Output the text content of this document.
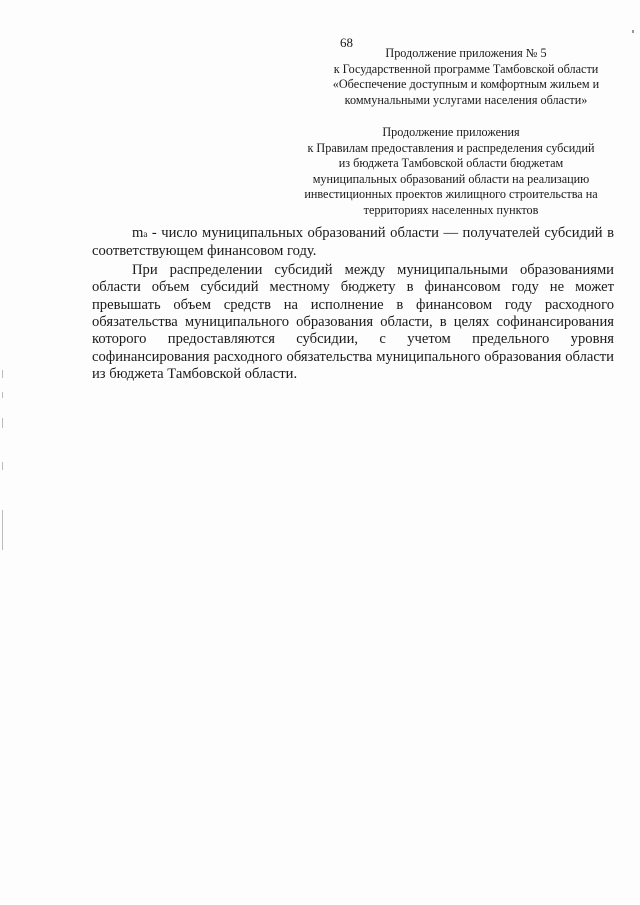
68
Продолжение приложения № 5
к Государственной программе Тамбовской области
«Обеспечение доступным и комфортным жильем и
коммунальными услугами населения области»
Продолжение приложения
к Правилам предоставления и распределения субсидий
из бюджета Тамбовской области бюджетам
муниципальных образований области на реализацию
инвестиционных проектов жилищного строительства на
территориях населенных пунктов

ma - число муниципальных образований области — получателей субсидий в соответствующем финансовом году.

При распределении субсидий между муниципальными образованиями области объем субсидий местному бюджету в финансовом году не может превышать объем средств на исполнение в финансовом году расходного обязательства муниципального образования области, в целях софинансирования которого предоставляются субсидии, с учетом предельного уровня софинансирования расходного обязательства муниципального образования области из бюджета Тамбовской области.
